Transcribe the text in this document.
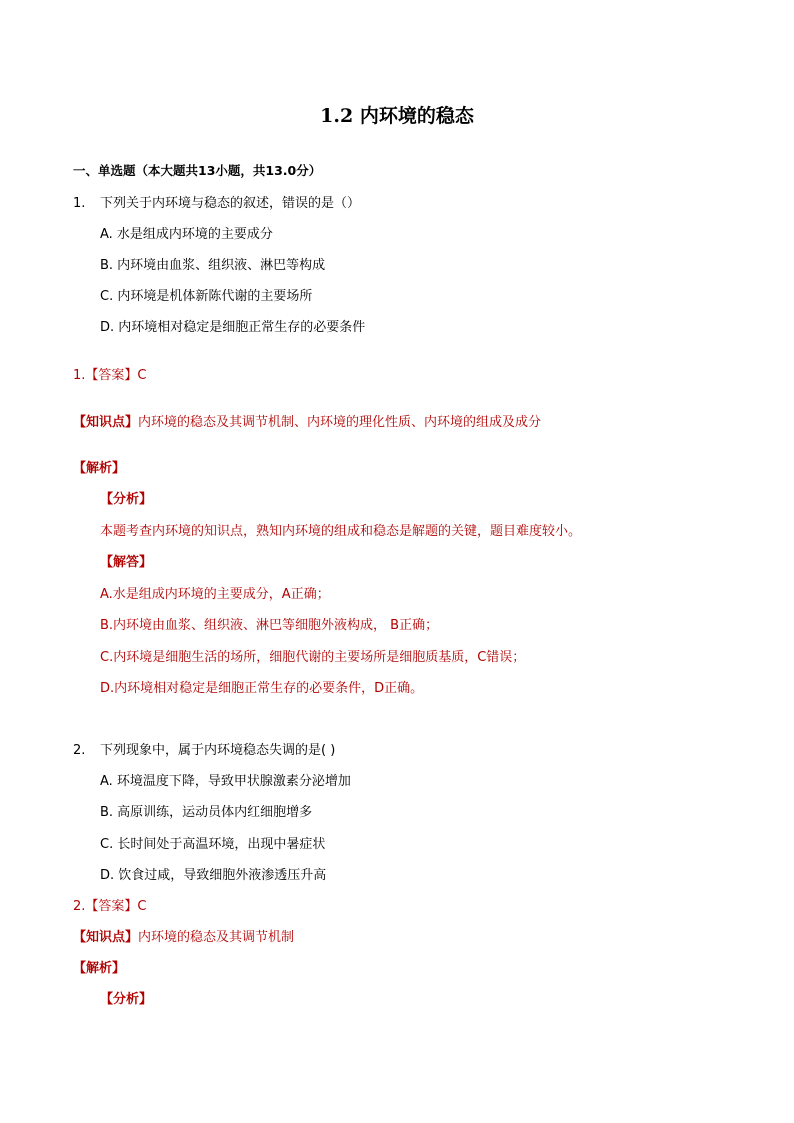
1.2 内环境的稳态
一、单选题（本大题共13小题，共13.0分）
1. 下列关于内环境与稳态的叙述，错误的是（）
A. 水是组成内环境的主要成分
B. 内环境由血浆、组织液、淋巴等构成
C. 内环境是机体新陈代谢的主要场所
D. 内环境相对稳定是细胞正常生存的必要条件
1.【答案】C
【知识点】内环境的稳态及其调节机制、内环境的理化性质、内环境的组成及成分
【解析】
【分析】
本题考查内环境的知识点，熟知内环境的组成和稳态是解题的关键，题目难度较小。
【解答】
A.水是组成内环境的主要成分，A正确；
B.内环境由血浆、组织液、淋巴等细胞外液构成， B正确；
C.内环境是细胞生活的场所，细胞代谢的主要场所是细胞质基质，C错误；
D.内环境相对稳定是细胞正常生存的必要条件，D正确。
2. 下列现象中，属于内环境稳态失调的是( )
A. 环境温度下降，导致甲状腺激素分泌增加
B. 高原训练，运动员体内红细胞增多
C. 长时间处于高温环境，出现中暑症状
D. 饮食过咸，导致细胞外液渗透压升高
2.【答案】C
【知识点】内环境的稳态及其调节机制
【解析】
【分析】
